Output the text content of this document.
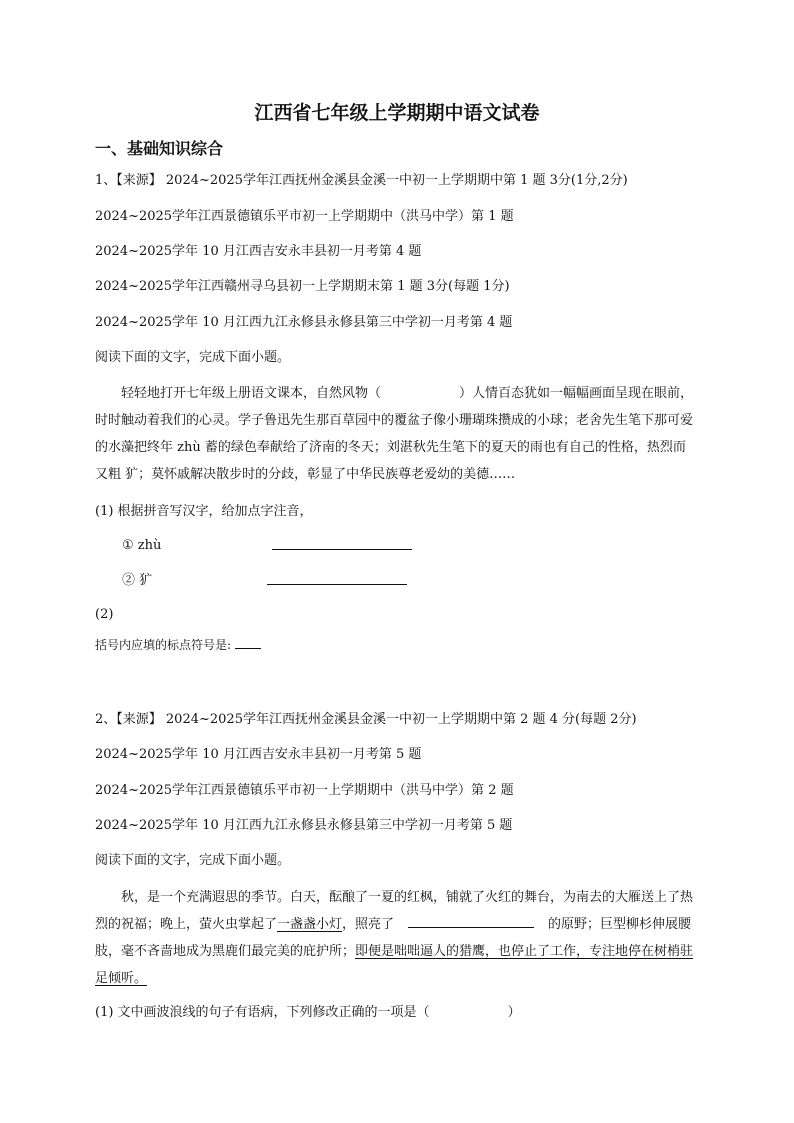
江西省七年级上学期期中语文试卷
一、基础知识综合
1、【来源】 2024~2025学年江西抚州金溪县金溪一中初一上学期期中第 1 题 3分(1分,2分)
2024~2025学年江西景德镇乐平市初一上学期期中（洪马中学）第 1 题
2024~2025学年 10 月江西吉安永丰县初一月考第 4 题
2024~2025学年江西赣州寻乌县初一上学期期末第 1 题 3分(每题 1分)
2024~2025学年 10 月江西九江永修县永修县第三中学初一月考第 4 题
阅读下面的文字，完成下面小题。
轻轻地打开七年级上册语文课本，自然风物（	）人情百态犹如一幅幅画面呈现在眼前，时时触动着我们的心灵。学子鲁迅先生那百草园中的覆盆子像小珊瑚珠攒成的小球；老舍先生笔下那可爱的水藻把终年 zhù 蓄的绿色奉献给了济南的冬天；刘湛秋先生笔下的夏天的雨也有自己的性格，热烈而又粗 犷；莫怀戚解决散步时的分歧，彰显了中华民族尊老爱幼的美德……
(1) 根据拼音写汉字，给加点字注音，
① zhù
② 犷
(2)
括号内应填的标点符号是:
2、【来源】 2024~2025学年江西抚州金溪县金溪一中初一上学期期中第 2 题 4 分(每题 2分)
2024~2025学年 10 月江西吉安永丰县初一月考第 5 题
2024~2025学年江西景德镇乐平市初一上学期期中（洪马中学）第 2 题
2024~2025学年 10 月江西九江永修县永修县第三中学初一月考第 5 题
阅读下面的文字，完成下面小题。
秋，是一个充满遐思的季节。白天，酝酿了一夏的红枫，铺就了火红的舞台，为南去的大雁送上了热烈的祝福；晚上，萤火虫掌起了一盏盏小灯，照亮了	的原野；巨型柳杉伸展腰肢，毫不吝啬地成为黑鹿们最完美的庇护所；即便是咄咄逼人的猎鹰，也停止了工作，专注地停在树梢驻足倾听。
(1) 文中画波浪线的句子有语病，下列修改正确的一项是（	）
